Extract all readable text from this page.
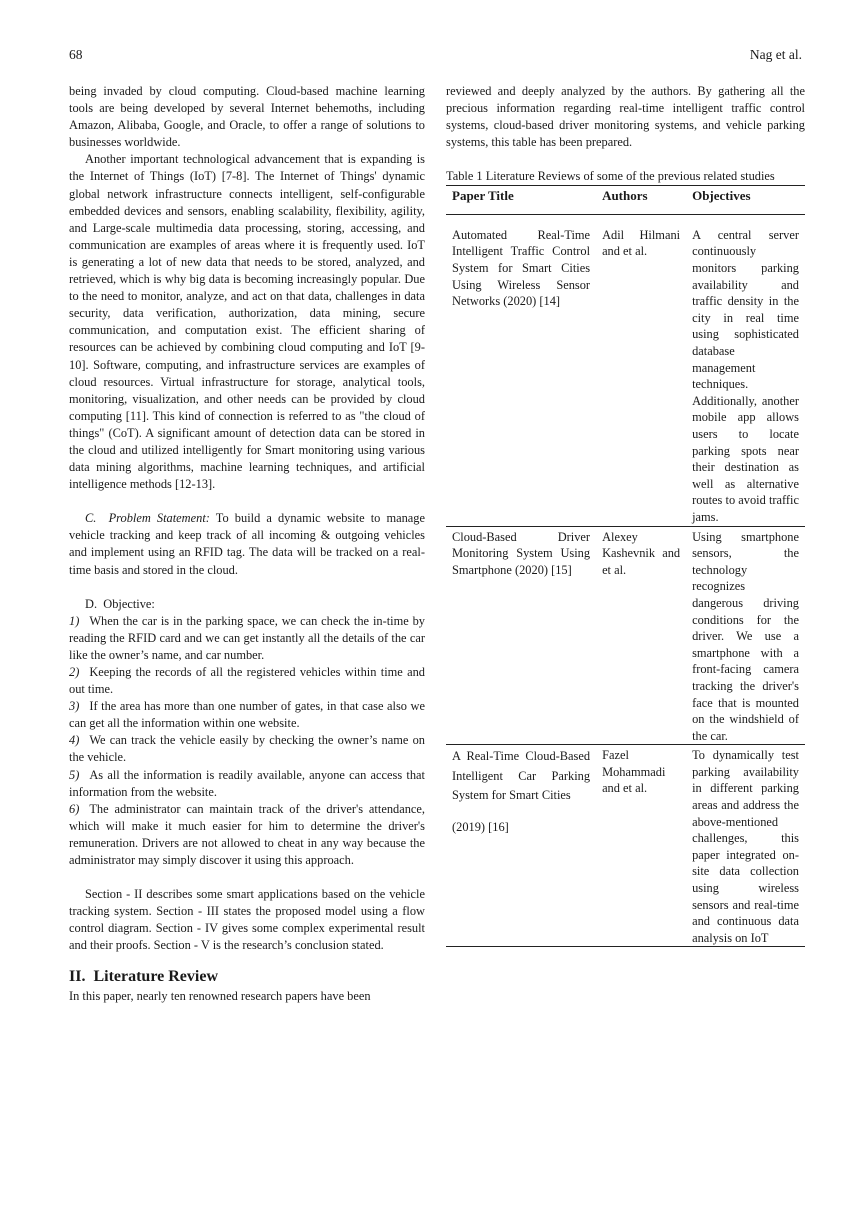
68	Nag et al.

being invaded by cloud computing. Cloud-based machine learning tools are being developed by several Internet behemoths, including Amazon, Alibaba, Google, and Oracle, to offer a range of solutions to businesses worldwide.

Another important technological advancement that is expanding is the Internet of Things (IoT) [7-8]. The Internet of Things' dynamic global network infrastructure connects intelligent, self-configurable embedded devices and sensors, enabling scalability, flexibility, agility, and Large-scale multimedia data processing, storing, accessing, and communication are examples of areas where it is frequently used. IoT is generating a lot of new data that needs to be stored, analyzed, and retrieved, which is why big data is becoming increasingly popular. Due to the need to monitor, analyze, and act on that data, challenges in data security, data verification, authorization, data mining, secure communication, and computation exist. The efficient sharing of resources can be achieved by combining cloud computing and IoT [9-10]. Software, computing, and infrastructure services are examples of cloud resources. Virtual infrastructure for storage, analytical tools, monitoring, visualization, and other needs can be provided by cloud computing [11]. This kind of connection is referred to as "the cloud of things" (CoT). A significant amount of detection data can be stored in the cloud and utilized intelligently for Smart monitoring using various data mining algorithms, machine learning techniques, and artificial intelligence methods [12-13].

C.  Problem Statement: To build a dynamic website to manage vehicle tracking and keep track of all incoming & outgoing vehicles and implement using an RFID tag. The data will be tracked on a real-time basis and stored in the cloud.

D.  Objective:

1) When the car is in the parking space, we can check the in-time by reading the RFID card and we can get instantly all the details of the car like the owner’s name, and car number.

2) Keeping the records of all the registered vehicles within time and out time.

3) If the area has more than one number of gates, in that case also we can get all the information within one website.

4) We can track the vehicle easily by checking the owner’s name on the vehicle.

5) As all the information is readily available, anyone can access that information from the website.

6) The administrator can maintain track of the driver's attendance, which will make it much easier for him to determine the driver's remuneration. Drivers are not allowed to cheat in any way because the administrator may simply discover it using this approach.

Section - II describes some smart applications based on the vehicle tracking system. Section - III states the proposed model using a flow control diagram. Section - IV gives some complex experimental result and their proofs. Section - V is the research’s conclusion stated.

II.  Literature Review

In this paper, nearly ten renowned research papers have been

reviewed and deeply analyzed by the authors. By gathering all the precious information regarding real-time intelligent traffic control systems, cloud-based driver monitoring systems, and vehicle parking systems, this table has been prepared.

Table 1 Literature Reviews of some of the previous related studies

Paper Title	Authors	Objectives
Automated Real-Time Intelligent Traffic Control System for Smart Cities Using Wireless Sensor Networks (2020) [14]	Adil Hilmani and et al.	A central server continuously monitors parking availability and traffic density in the city in real time using sophisticated database management techniques. Additionally, another mobile app allows users to locate parking spots near their destination as well as alternative routes to avoid traffic jams.
Cloud-Based Driver Monitoring System Using Smartphone (2020) [15]	Alexey Kashevnik and et al.	Using smartphone sensors, the technology recognizes dangerous driving conditions for the driver. We use a smartphone with a front-facing camera tracking the driver's face that is mounted on the windshield of the car.

A Real-Time Cloud-Based Intelligent Car Parking System for Smart Cities
(2019) [16]	Fazel Mohammadi and et al.	To dynamically test parking availability in different parking areas and address the above-mentioned challenges, this paper integrated on-site data collection using wireless sensors and real-time and continuous data analysis on IoT
